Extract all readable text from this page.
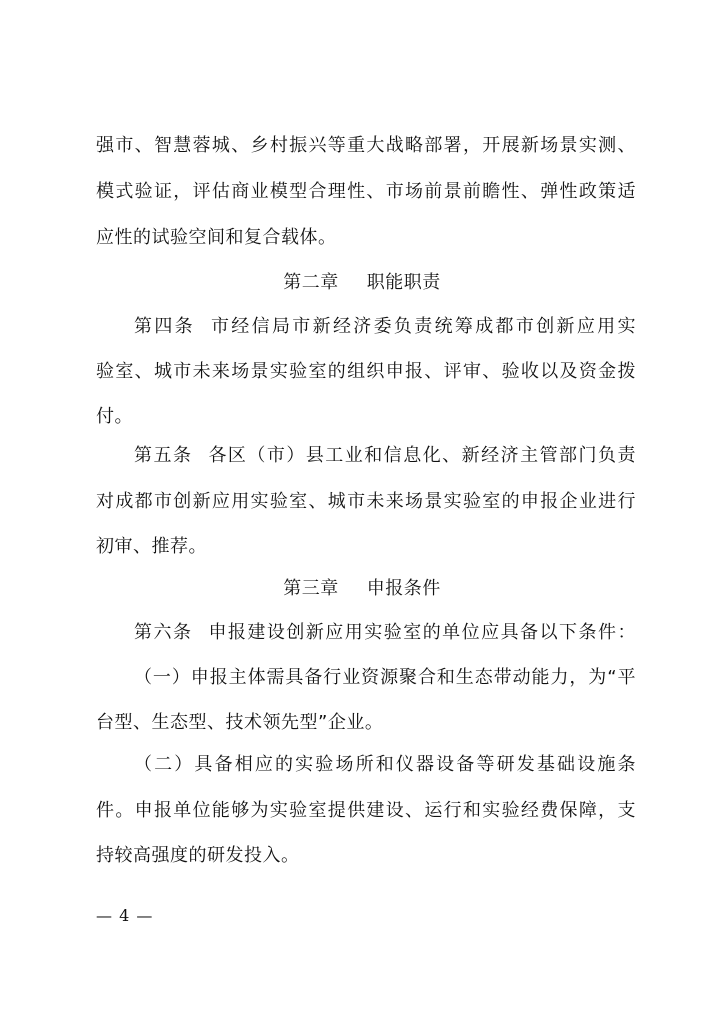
强市、智慧蓉城、乡村振兴等重大战略部署，开展新场景实测、
模式验证，评估商业模型合理性、市场前景前瞻性、弹性政策适
应性的试验空间和复合载体。
第二章 职能职责
第四条 市经信局市新经济委负责统筹成都市创新应用实
验室、城市未来场景实验室的组织申报、评审、验收以及资金拨
付。
第五条 各区（市）县工业和信息化、新经济主管部门负责
对成都市创新应用实验室、城市未来场景实验室的申报企业进行
初审、推荐。
第三章 申报条件
第六条 申报建设创新应用实验室的单位应具备以下条件：
（一）申报主体需具备行业资源聚合和生态带动能力，为“平
台型、生态型、技术领先型”企业。
（二）具备相应的实验场所和仪器设备等研发基础设施条
件。申报单位能够为实验室提供建设、运行和实验经费保障，支
持较高强度的研发投入。
— 4 —
